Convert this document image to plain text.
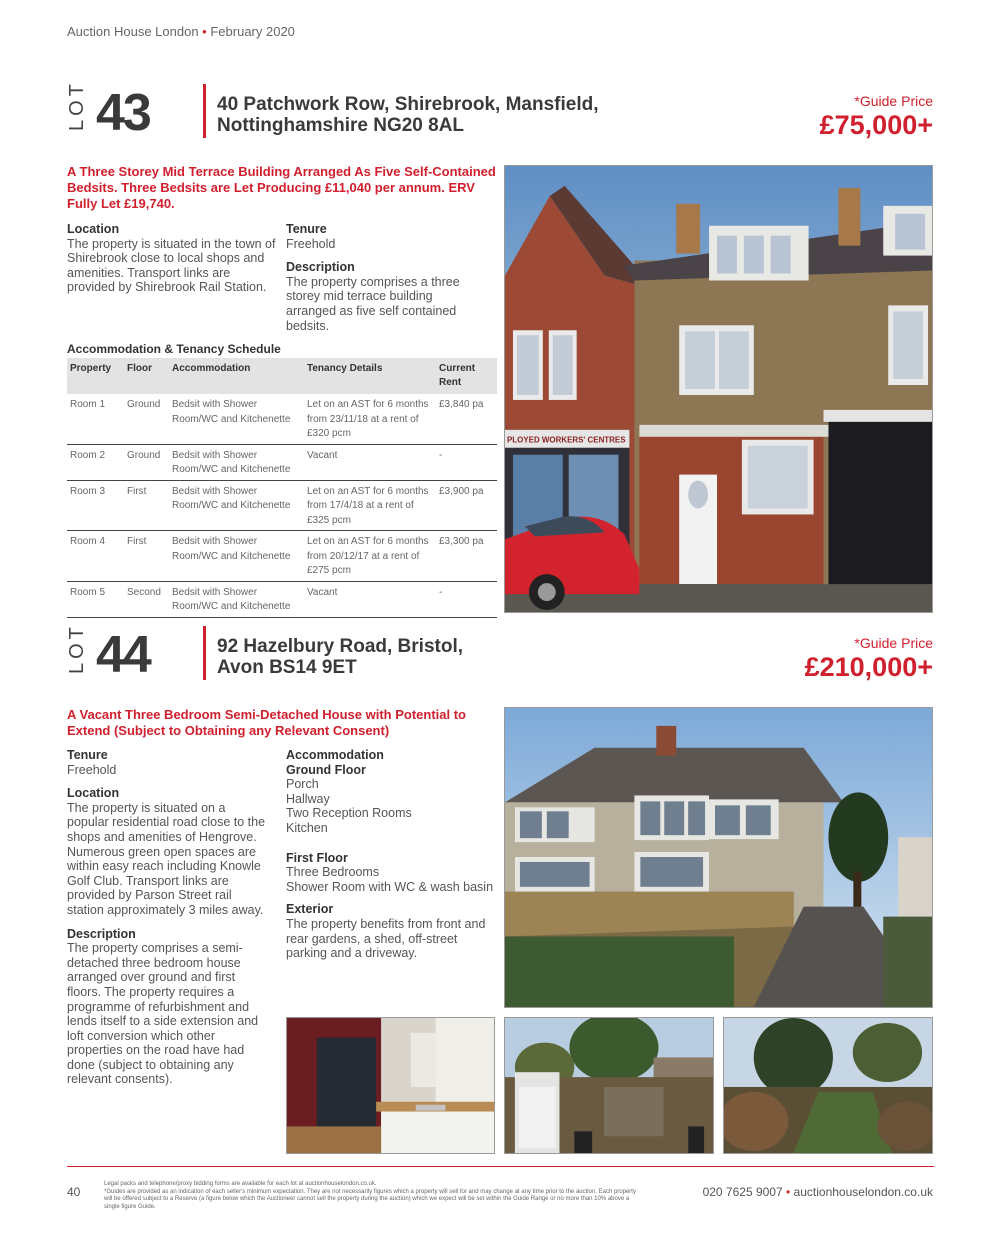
Auction House London • February 2020
LOT 43	40 Patchwork Row, Shirebrook, Mansfield,
Nottinghamshire NG20 8AL
*Guide Price
£75,000+
A Three Storey Mid Terrace Building Arranged As Five Self-Contained Bedsits. Three Bedsits are Let Producing £11,040 per annum. ERV Fully Let £19,740.
Location

The property is situated in the town of Shirebrook close to local shops and amenities. Transport links are provided by Shirebrook Rail Station.

Tenure

Freehold

Description

The property comprises a three storey mid terrace building arranged as five self contained bedsits.

Accommodation & Tenancy Schedule
Property	Floor	Accommodation	Tenancy Details	Current Rent
Room 1	Ground	Bedsit with Shower Room/WC and Kitchenette	Let on an AST for 6 months from 23/11/18 at a rent of £320 pcm	£3,840 pa
Room 2	Ground	Bedsit with Shower Room/WC and Kitchenette	Vacant	-
Room 3	First	Bedsit with Shower Room/WC and Kitchenette	Let on an AST for 6 months from 17/4/18 at a rent of £325 pcm	£3,900 pa
Room 4	First	Bedsit with Shower Room/WC and Kitchenette	Let on an AST for 6 months from 20/12/17 at a rent of £275 pcm	£3,300 pa
Room 5	Second	Bedsit with Shower Room/WC and Kitchenette	Vacant	-
PLOYED WORKERS' CENTRES
LOT 44	92 Hazelbury Road, Bristol,
Avon BS14 9ET
*Guide Price
£210,000+
A Vacant Three Bedroom Semi-Detached House with Potential to Extend (Subject to Obtaining any Relevant Consent)
Tenure

Freehold

Location

The property is situated on a popular residential road close to the shops and amenities of Hengrove. Numerous green open spaces are within easy reach including Knowle Golf Club. Transport links are provided by Parson Street rail station approximately 3 miles away.

Description

The property comprises a semi-detached three bedroom house arranged over ground and first floors. The property requires a programme of refurbishment and lends itself to a side extension and loft conversion which other properties on the road have had done (subject to obtaining any relevant consents).

Accommodation
Ground Floor

Porch

Hallway

Two Reception Rooms

Kitchen

First Floor

Three Bedrooms

Shower Room with WC & wash basin

Exterior

The property benefits from front and rear gardens, a shed, off-street parking and a driveway.

40

Legal packs and telephone/proxy bidding forms are available for each lot at auctionhouselondon.co.uk.

*Guides are provided as an indication of each seller's minimum expectation. They are not necessarily figures which a property will sell for and may change at any time prior to the auction. Each property will be offered subject to a Reserve (a figure below which the Auctioneer cannot sell the property during the auction) which we expect will be set within the Guide Range or no more than 10% above a single figure Guide.

020 7625 9007 • auctionhouselondon.co.uk
